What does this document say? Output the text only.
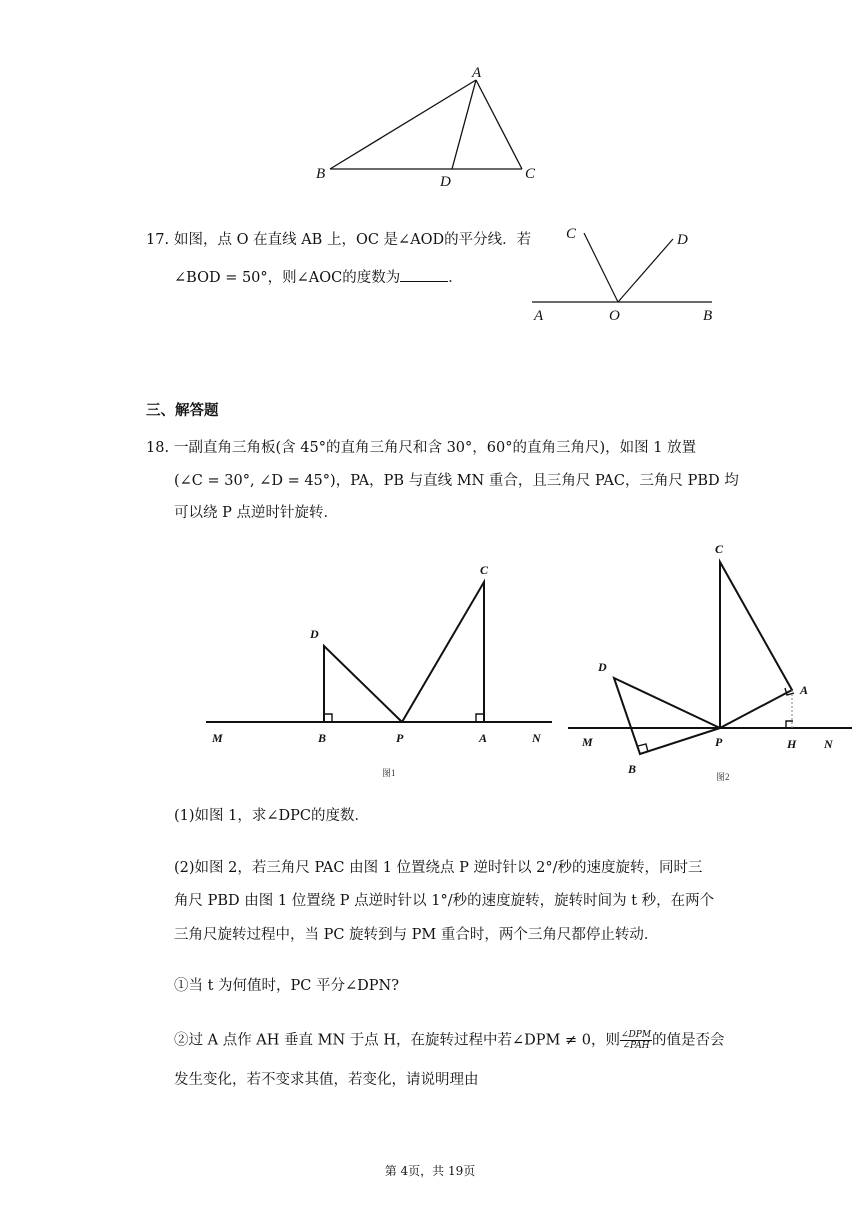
A
B	D	C
17. 如图，点 O 在直线 AB 上，OC 是∠AOD的平分线．若
∠BOD = 50°，则∠AOC的度数为	．
C	D
A	O	B
三、解答题
18. 一副直角三角板(含 45°的直角三角尺和含 30°，60°的直角三角尺)，如图 1 放置
(∠C = 30°, ∠D = 45°)，PA，PB 与直线 MN 重合，且三角尺 PAC，三角尺 PBD 均
可以绕 P 点逆时针旋转．
C
D
M	B	P	A	N
图1
C
D
A
M	P	H N
B
图2
(1)如图 1，求∠DPC的度数．
(2)如图 2，若三角尺 PAC 由图 1 位置绕点 P 逆时针以 2°/秒的速度旋转，同时三
角尺 PBD 由图 1 位置绕 P 点逆时针以 1°/秒的速度旋转，旋转时间为 t 秒，在两个
三角尺旋转过程中，当 PC 旋转到与 PM 重合时，两个三角尺都停止转动．
①当 t 为何值时，PC 平分∠DPN?
②过 A 点作 AH 垂直 MN 于点 H，在旋转过程中若∠DPM ≠ 0，则 $\frac{\text{∠DPM}}{\text{∠PAH}}$ 的值是否会
发生变化，若不变求其值，若变化，请说明理由
第 4页，共 19页
